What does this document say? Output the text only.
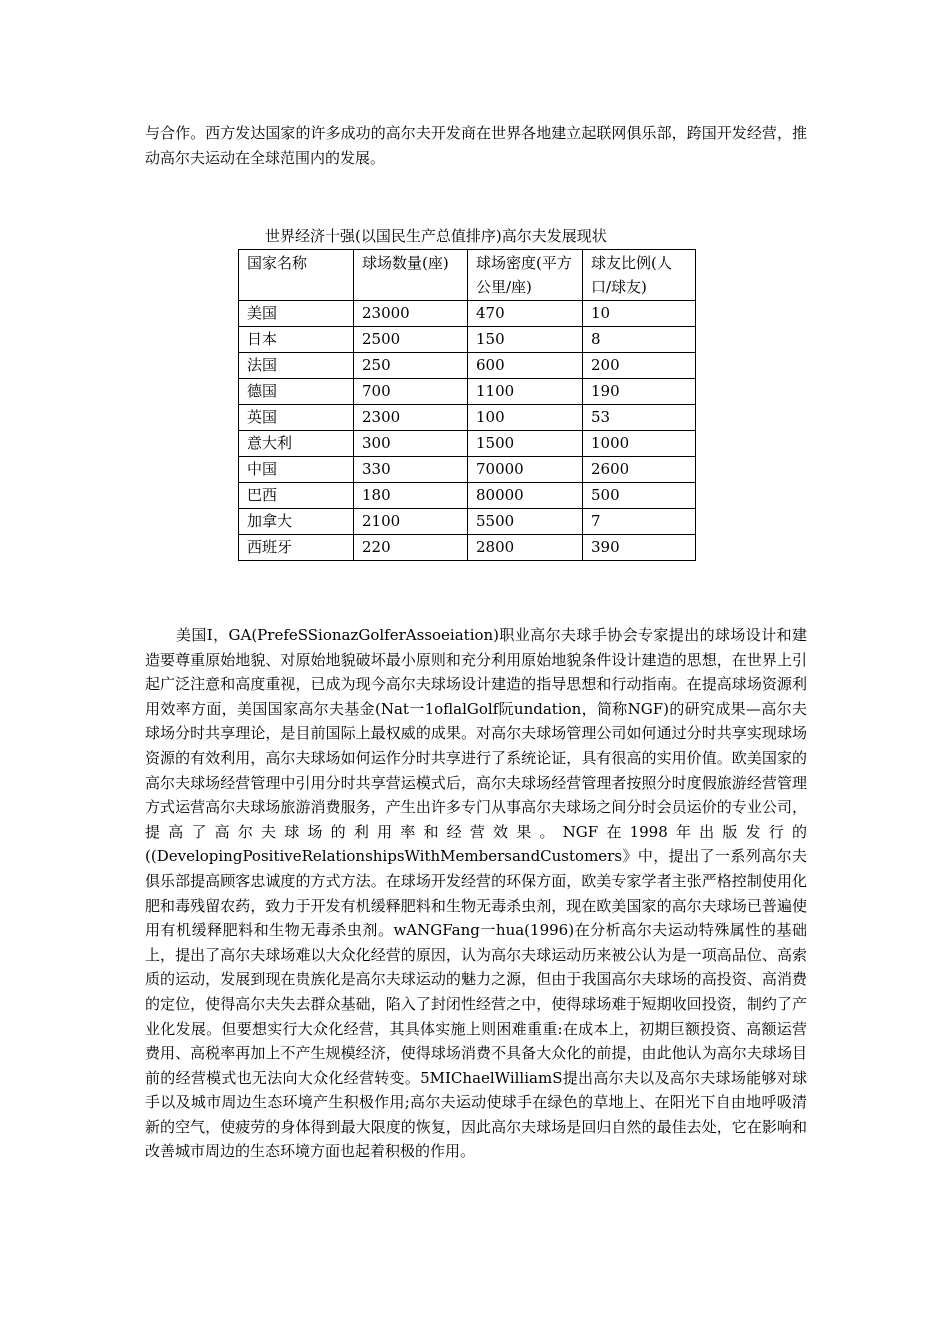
与合作。西方发达国家的许多成功的高尔夫开发商在世界各地建立起联网俱乐部，跨国开发经营，推动高尔夫运动在全球范围内的发展。

世界经济十强(以国民生产总值排序)高尔夫发展现状
国家名称	球场数量(座)	球场密度(平方公里/座)	球友比例(人口/球友)
美国	23000	470	10
日本	2500	150	8
法国	250	600	200
德国	700	1100	190
英国	2300	100	53
意大利	300	1500	1000
中国	330	70000	2600
巴西	180	80000	500
加拿大	2100	5500	7
西班牙	220	2800	390

美国I，GA(PrefeSSionazGolferAssoeiation)职业高尔夫球手协会专家提出的球场设计和建造要尊重原始地貌、对原始地貌破坏最小原则和充分利用原始地貌条件设计建造的思想，在世界上引起广泛注意和高度重视，已成为现今高尔夫球场设计建造的指导思想和行动指南。在提高球场资源利用效率方面，美国国家高尔夫基金(Nat一1oflalGolf阮undation，简称NGF)的研究成果—高尔夫球场分时共享理论，是目前国际上最权威的成果。对高尔夫球场管理公司如何通过分时共享实现球场资源的有效利用，高尔夫球场如何运作分时共享进行了系统论证，具有很高的实用价值。欧美国家的高尔夫球场经营管理中引用分时共享营运模式后，高尔夫球场经营管理者按照分时度假旅游经营管理方式运营高尔夫球场旅游消费服务，产生出许多专门从事高尔夫球场之间分时会员运价的专业公司，提高了高尔夫球场的利用率和经营效果。NGF在1998年出版发行的((DevelopingPositiveRelationshipsWithMembersandCustomers》中，提出了一系列高尔夫俱乐部提高顾客忠诚度的方式方法。在球场开发经营的环保方面，欧美专家学者主张严格控制使用化肥和毒残留农药，致力于开发有机缓释肥料和生物无毒杀虫剂，现在欧美国家的高尔夫球场已普遍使用有机缓释肥料和生物无毒杀虫剂。wANGFang一hua(1996)在分析高尔夫运动特殊属性的基础上，提出了高尔夫球场难以大众化经营的原因，认为高尔夫球运动历来被公认为是一项高品位、高索质的运动，发展到现在贵族化是高尔夫球运动的魅力之源，但由于我国高尔夫球场的高投资、高消费的定位，使得高尔夫失去群众基础，陷入了封闭性经营之中，使得球场难于短期收回投资，制约了产业化发展。但要想实行大众化经营，其具体实施上则困难重重:在成本上，初期巨额投资、高额运营费用、高税率再加上不产生规模经济，使得球场消费不具备大众化的前提，由此他认为高尔夫球场目前的经营模式也无法向大众化经营转变。5MIChaelWilliamS提出高尔夫以及高尔夫球场能够对球手以及城市周边生态环境产生积极作用;高尔夫运动使球手在绿色的草地上、在阳光下自由地呼吸清新的空气，使疲劳的身体得到最大限度的恢复，因此高尔夫球场是回归自然的最佳去处，它在影响和改善城市周边的生态环境方面也起着积极的作用。
